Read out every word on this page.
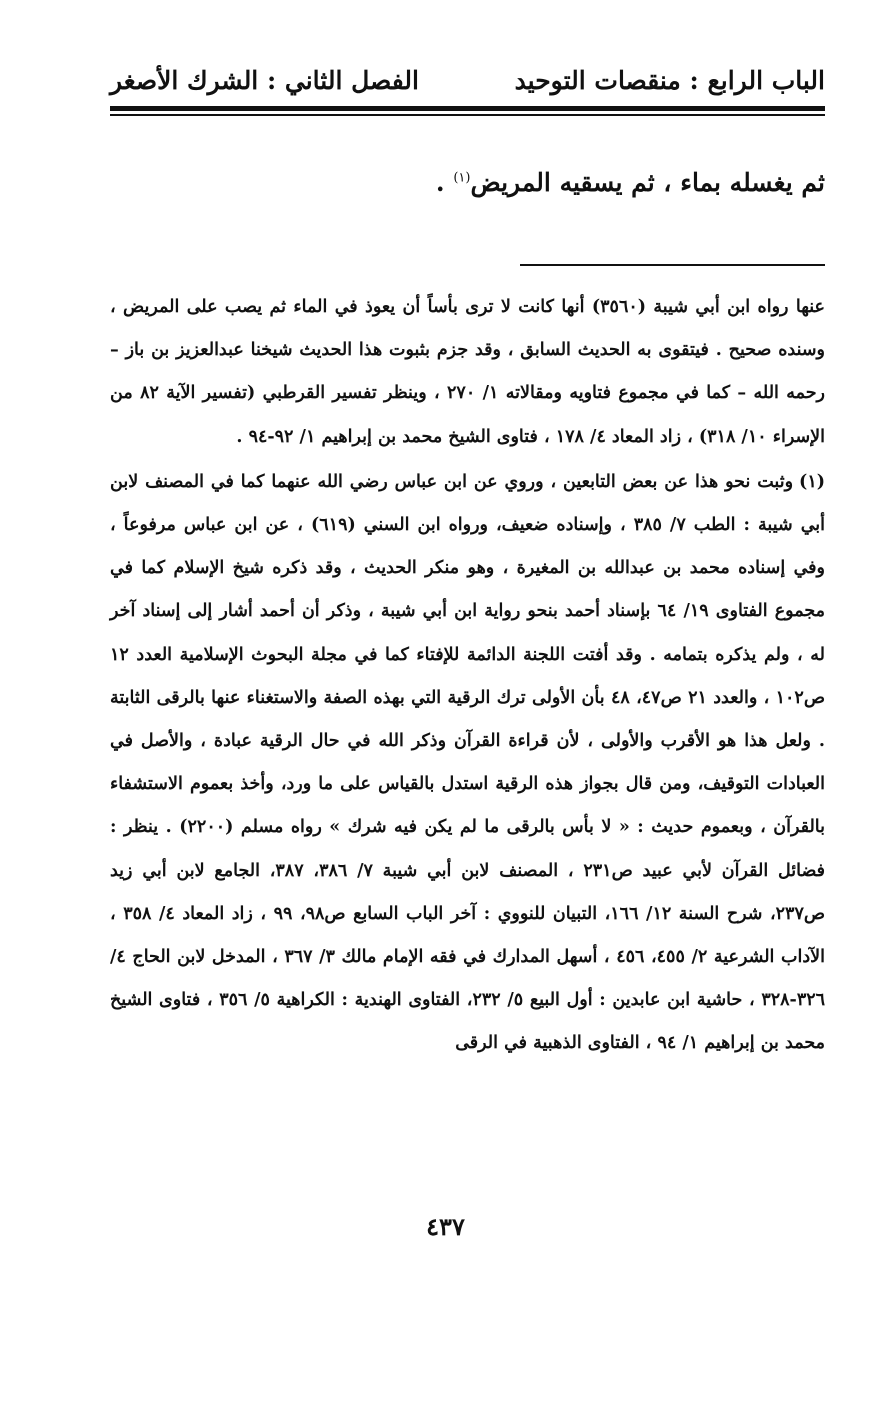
الباب الرابع : منقصات التوحيد
الفصل الثاني : الشرك الأصغر
ثم يغسله بماء ، ثم يسقيه المريض$^{(١)}$ .

عنها رواه ابن أبي شيبة (٣٥٦٠) أنها كانت لا ترى بأساً أن يعوذ في الماء ثم يصب على المريض ، وسنده صحيح . فيتقوى به الحديث السابق ، وقد جزم بثبوت هذا الحديث شيخنا عبدالعزيز بن باز – رحمه الله – كما في مجموع فتاويه ومقالاته ١/ ٢٧٠ ، وينظر تفسير القرطبي (تفسير الآية ٨٢ من الإسراء ١٠/ ٣١٨) ، زاد المعاد ٤/ ١٧٨ ، فتاوى الشيخ محمد بن إبراهيم ١/ ٩٢-٩٤ .

(١)وثبت نحو هذا عن بعض التابعين ، وروي عن ابن عباس رضي الله عنهما كما في المصنف لابن أبي شيبة : الطب ٧/ ٣٨٥ ، وإسناده ضعيف، ورواه ابن السني (٦١٩) ، عن ابن عباس مرفوعاً ، وفي إسناده محمد بن عبدالله بن المغيرة ، وهو منكر الحديث ، وقد ذكره شيخ الإسلام كما في مجموع الفتاوى ١٩/ ٦٤ بإسناد أحمد بنحو رواية ابن أبي شيبة ، وذكر أن أحمد أشار إلى إسناد آخر له ، ولم يذكره بتمامه . وقد أفتت اللجنة الدائمة للإفتاء كما في مجلة البحوث الإسلامية العدد ١٢ ص١٠٢ ، والعدد ٢١ ص٤٧، ٤٨ بأن الأولى ترك الرقية التي بهذه الصفة والاستغناء عنها بالرقى الثابتة . ولعل هذا هو الأقرب والأولى ، لأن قراءة القرآن وذكر الله في حال الرقية عبادة ، والأصل في العبادات التوقيف، ومن قال بجواز هذه الرقية استدل بالقياس على ما ورد، وأخذ بعموم الاستشفاء بالقرآن ، وبعموم حديث : « لا بأس بالرقى ما لم يكن فيه شرك » رواه مسلم (٢٢٠٠) . ينظر : فضائل القرآن لأبي عبيد ص٢٣١ ، المصنف لابن أبي شيبة ٧/ ٣٨٦، ٣٨٧، الجامع لابن أبي زيد ص٢٣٧، شرح السنة ١٢/ ١٦٦، التبيان للنووي : آخر الباب السابع ص٩٨، ٩٩ ، زاد المعاد ٤/ ٣٥٨ ، الآداب الشرعية ٢/ ٤٥٥، ٤٥٦ ، أسهل المدارك في فقه الإمام مالك ٣/ ٣٦٧ ، المدخل لابن الحاج ٤/ ٣٢٦-٣٢٨ ، حاشية ابن عابدين : أول البيع ٥/ ٢٣٢، الفتاوى الهندية : الكراهية ٥/ ٣٥٦ ، فتاوى الشيخ محمد بن إبراهيم ١/ ٩٤ ، الفتاوى الذهبية في الرقى

٤٣٧
